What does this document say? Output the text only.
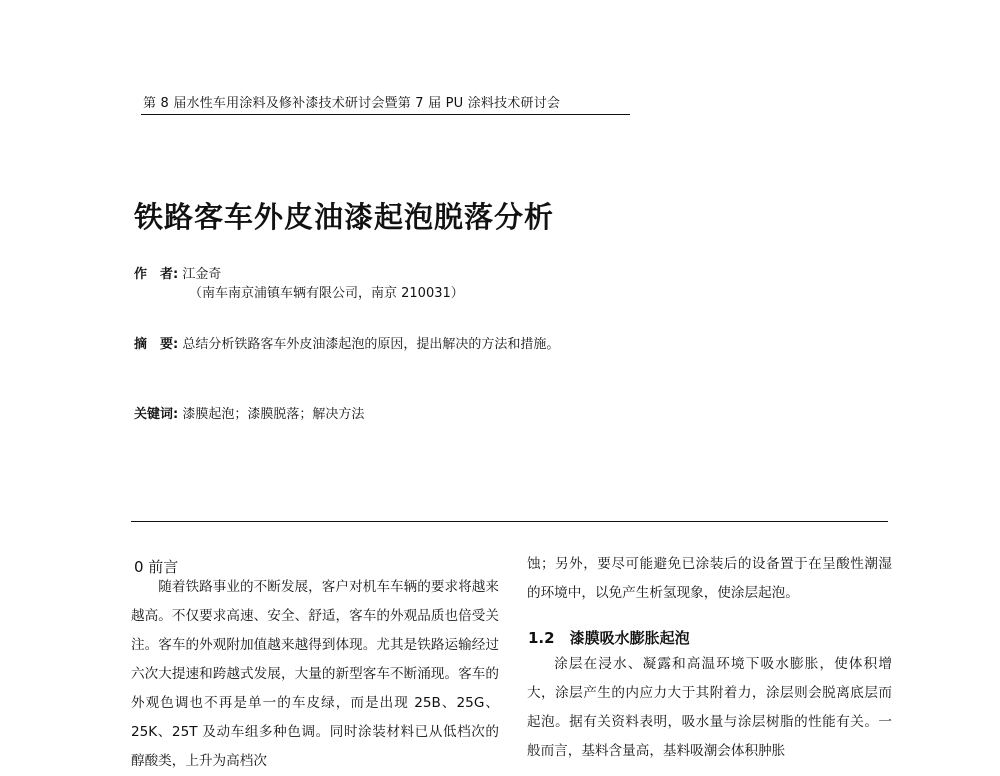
第 8 届水性车用涂料及修补漆技术研讨会暨第 7 届 PU 涂料技术研讨会
铁路客车外皮油漆起泡脱落分析
作　者: 江金奇
（南车南京浦镇车辆有限公司，南京 210031）
摘　要: 总结分析铁路客车外皮油漆起泡的原因，提出解决的方法和措施。
关键词: 漆膜起泡；漆膜脱落；解决方法
0 前言

随着铁路事业的不断发展，客户对机车车辆的要求将越来越高。不仅要求高速、安全、舒适，客车的外观品质也倍受关注。客车的外观附加值越来越得到体现。尤其是铁路运输经过六次大提速和跨越式发展，大量的新型客车不断涌现。客车的外观色调也不再是单一的车皮绿，而是出现 25B、25G、25K、25T 及动车组多种色调。同时涂装材料已从低档次的醇酸类，上升为高档次

蚀；另外，要尽可能避免已涂装后的设备置于在呈酸性潮湿的环境中，以免产生析氢现象，使涂层起泡。

1.2　漆膜吸水膨胀起泡

涂层在浸水、凝露和高温环境下吸水膨胀，使体积增大，涂层产生的内应力大于其附着力，涂层则会脱离底层而起泡。据有关资料表明，吸水量与涂层树脂的性能有关。一般而言，基料含量高，基料吸潮会体积肿胀
